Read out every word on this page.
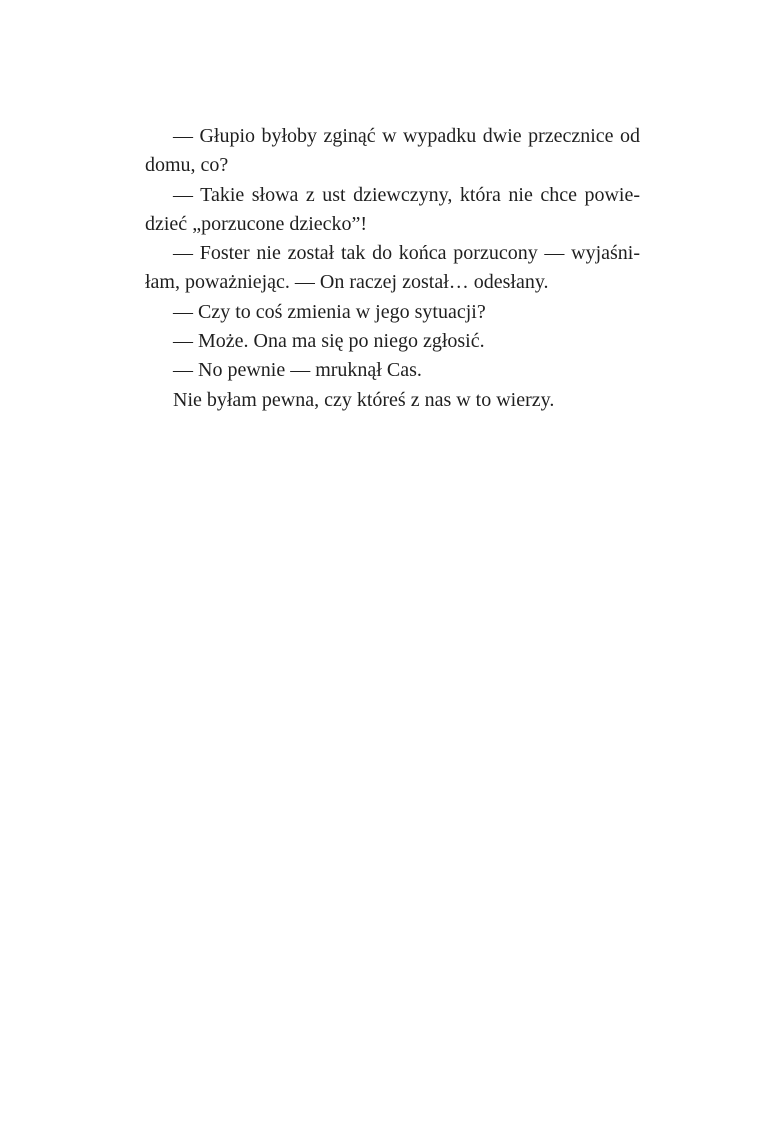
— Głupio byłoby zginąć w wypadku dwie przecznice od
domu, co?
— Takie słowa z ust dziewczyny, która nie chce powie-
dzieć „porzucone dziecko”!
— Foster nie został tak do końca porzucony — wyjaśni-
łam, poważniejąc. — On raczej został… odesłany.
— Czy to coś zmienia w jego sytuacji?
— Może. Ona ma się po niego zgłosić.
— No pewnie — mruknął Cas.
Nie byłam pewna, czy któreś z nas w to wierzy.
